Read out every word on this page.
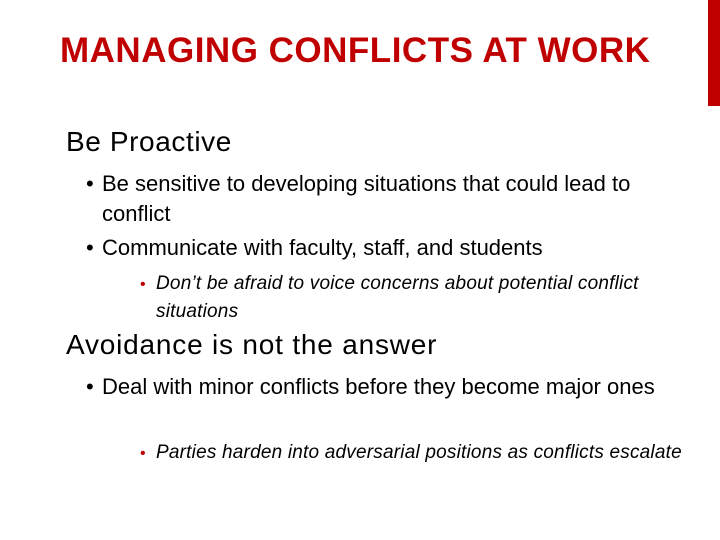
MANAGING CONFLICTS AT WORK
Be Proactive
• Be sensitive to developing situations that could lead to conflict
• Communicate with faculty, staff, and students
• Don’t be afraid to voice concerns about potential conflict situations
Avoidance is not the answer
• Deal with minor conflicts before they become major ones
• Parties harden into adversarial positions as conflicts escalate
